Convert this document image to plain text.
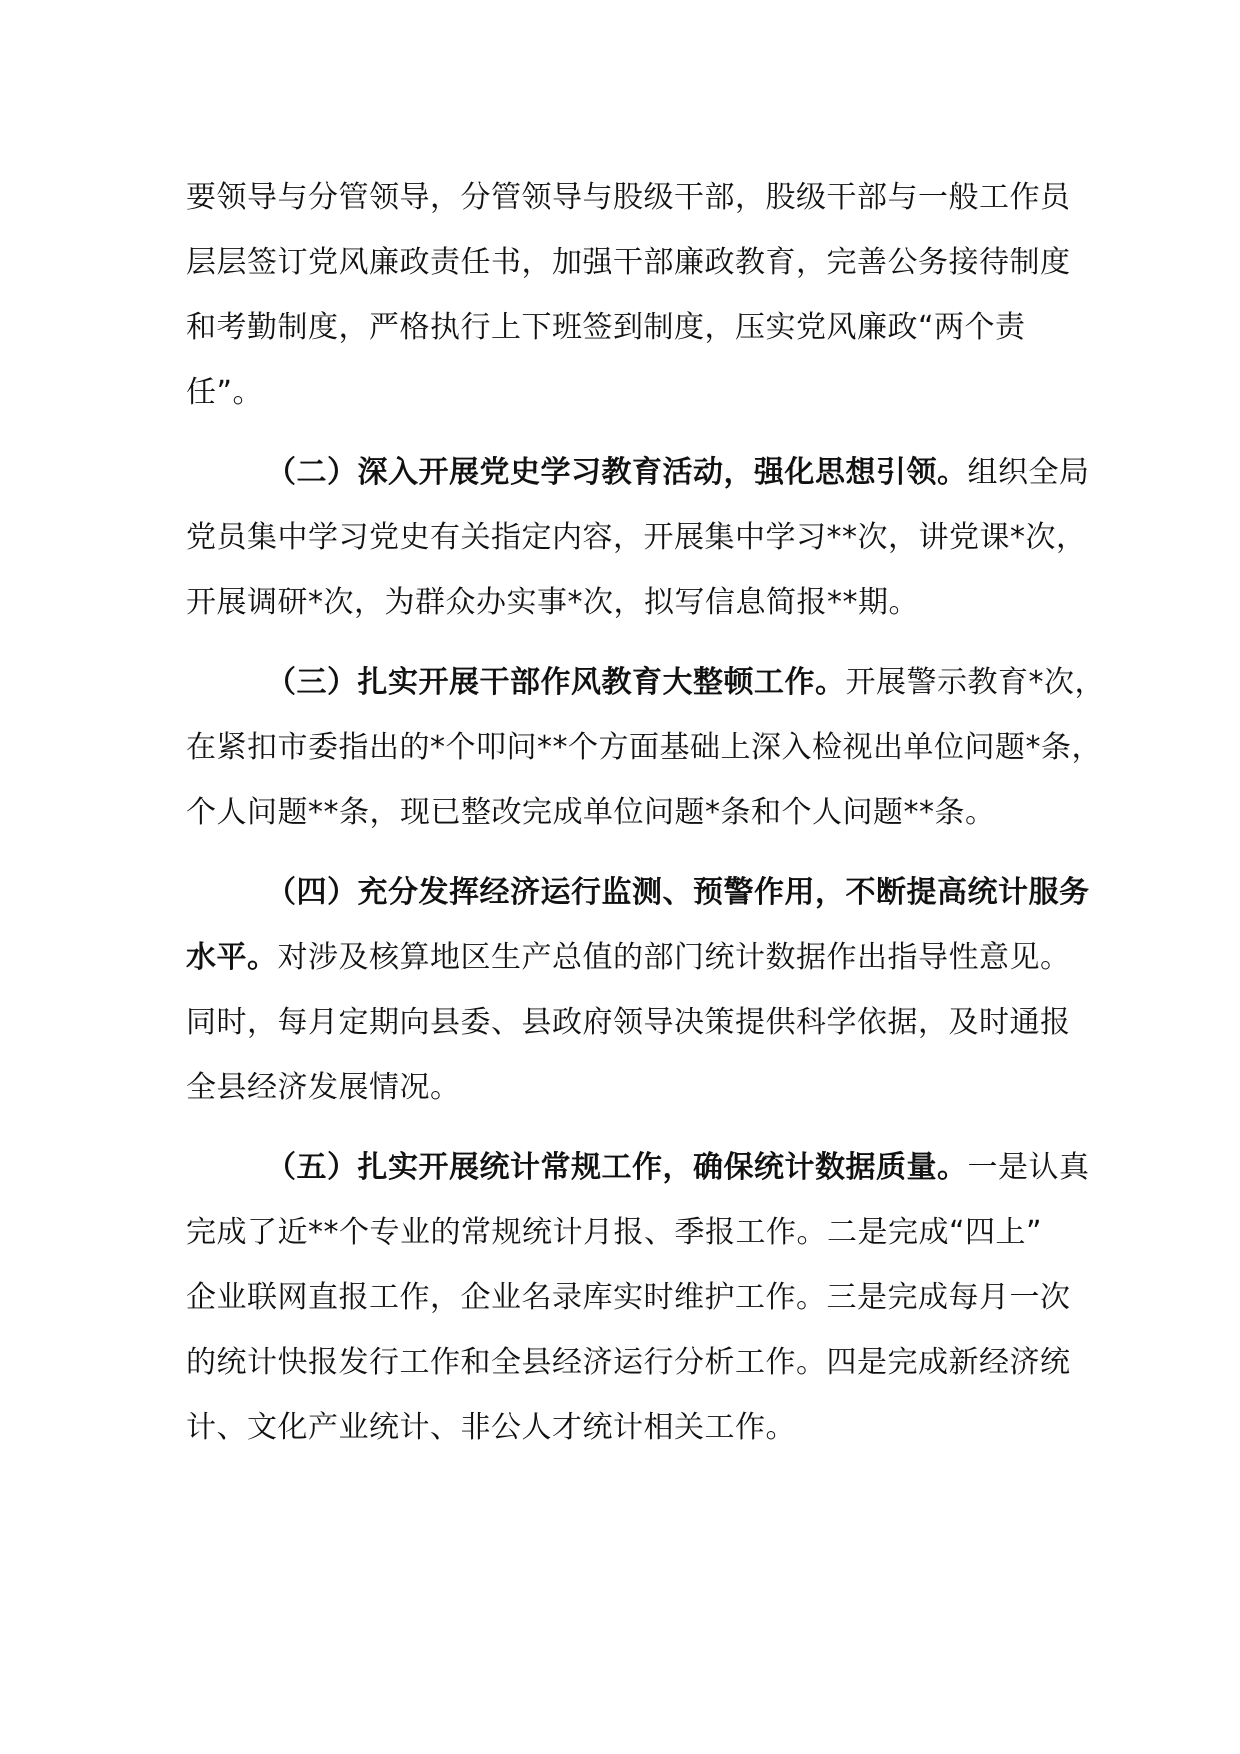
要领导与分管领导，分管领导与股级干部，股级干部与一般工作员
层层签订党风廉政责任书，加强干部廉政教育，完善公务接待制度
和考勤制度，严格执行上下班签到制度，压实党风廉政“两个责
任”。

（二）深入开展党史学习教育活动，强化思想引领。组织全局
党员集中学习党史有关指定内容，开展集中学习**次，讲党课*次，
开展调研*次，为群众办实事*次，拟写信息简报**期。

（三）扎实开展干部作风教育大整顿工作。开展警示教育*次，
在紧扣市委指出的*个叩问**个方面基础上深入检视出单位问题*条，
个人问题**条，现已整改完成单位问题*条和个人问题**条。

（四）充分发挥经济运行监测、预警作用，不断提高统计服务
水平。对涉及核算地区生产总值的部门统计数据作出指导性意见。
同时，每月定期向县委、县政府领导决策提供科学依据，及时通报
全县经济发展情况。

（五）扎实开展统计常规工作，确保统计数据质量。一是认真
完成了近**个专业的常规统计月报、季报工作。二是完成“四上”
企业联网直报工作，企业名录库实时维护工作。三是完成每月一次
的统计快报发行工作和全县经济运行分析工作。四是完成新经济统
计、文化产业统计、非公人才统计相关工作。
